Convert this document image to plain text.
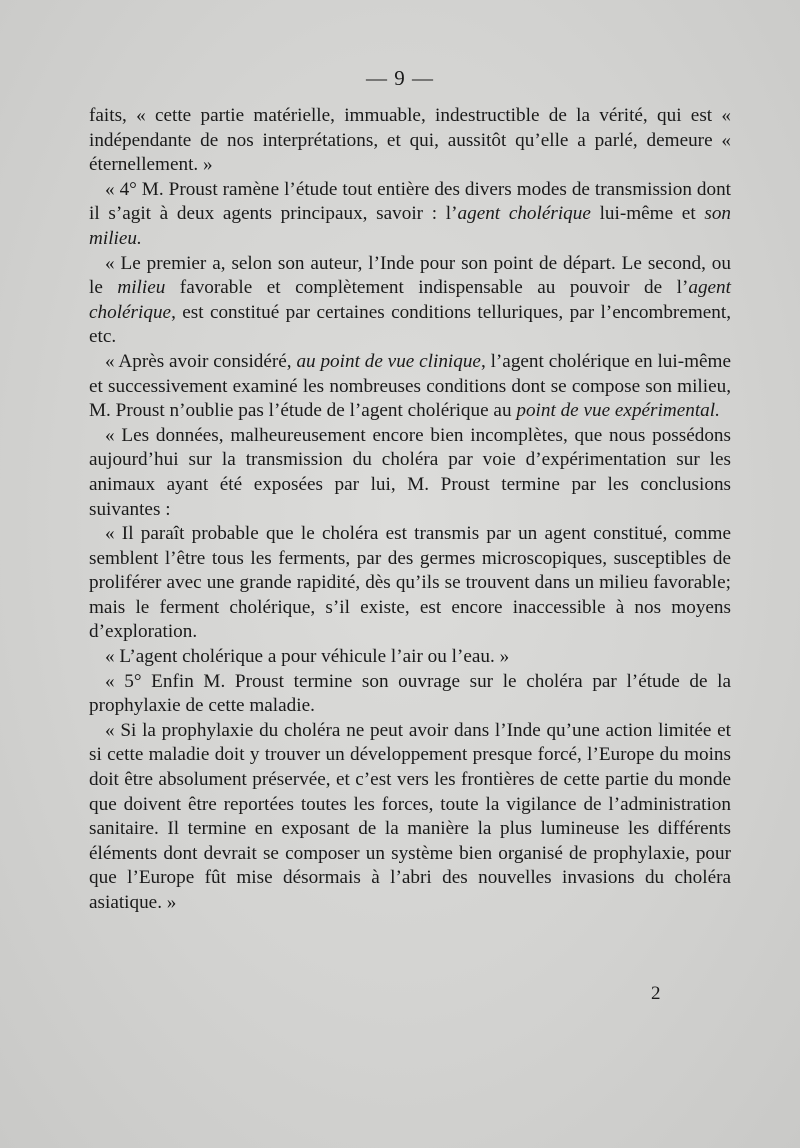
— 9 —

faits, « cette partie matérielle, immuable, indestructible de la vérité, qui est « indépendante de nos interprétations, et qui, aussitôt qu’elle a parlé, demeure « éternellement. »

« 4° M. Proust ramène l’étude tout entière des divers modes de transmission dont il s’agit à deux agents principaux, savoir : l’agent cholérique lui-même et son milieu.

« Le premier a, selon son auteur, l’Inde pour son point de départ. Le second, ou le milieu favorable et complètement indispensable au pouvoir de l’agent cholérique, est constitué par certaines conditions telluriques, par l’encombrement, etc.

« Après avoir considéré, au point de vue clinique, l’agent cholérique en lui-même et successivement examiné les nombreuses conditions dont se compose son milieu, M. Proust n’oublie pas l’étude de l’agent cholérique au point de vue expérimental.

« Les données, malheureusement encore bien incomplètes, que nous possédons aujourd’hui sur la transmission du choléra par voie d’expérimentation sur les animaux ayant été exposées par lui, M. Proust termine par les conclusions suivantes :

« Il paraît probable que le choléra est transmis par un agent constitué, comme semblent l’être tous les ferments, par des germes microscopiques, susceptibles de proliférer avec une grande rapidité, dès qu’ils se trouvent dans un milieu favorable; mais le ferment cholérique, s’il existe, est encore inaccessible à nos moyens d’exploration.

« L’agent cholérique a pour véhicule l’air ou l’eau. »

« 5° Enfin M. Proust termine son ouvrage sur le choléra par l’étude de la prophylaxie de cette maladie.

« Si la prophylaxie du choléra ne peut avoir dans l’Inde qu’une action limitée et si cette maladie doit y trouver un développement presque forcé, l’Europe du moins doit être absolument préservée, et c’est vers les frontières de cette partie du monde que doivent être reportées toutes les forces, toute la vigilance de l’administration sanitaire. Il termine en exposant de la manière la plus lumineuse les différents éléments dont devrait se composer un système bien organisé de prophylaxie, pour que l’Europe fût mise désormais à l’abri des nouvelles invasions du choléra asiatique. »

2
